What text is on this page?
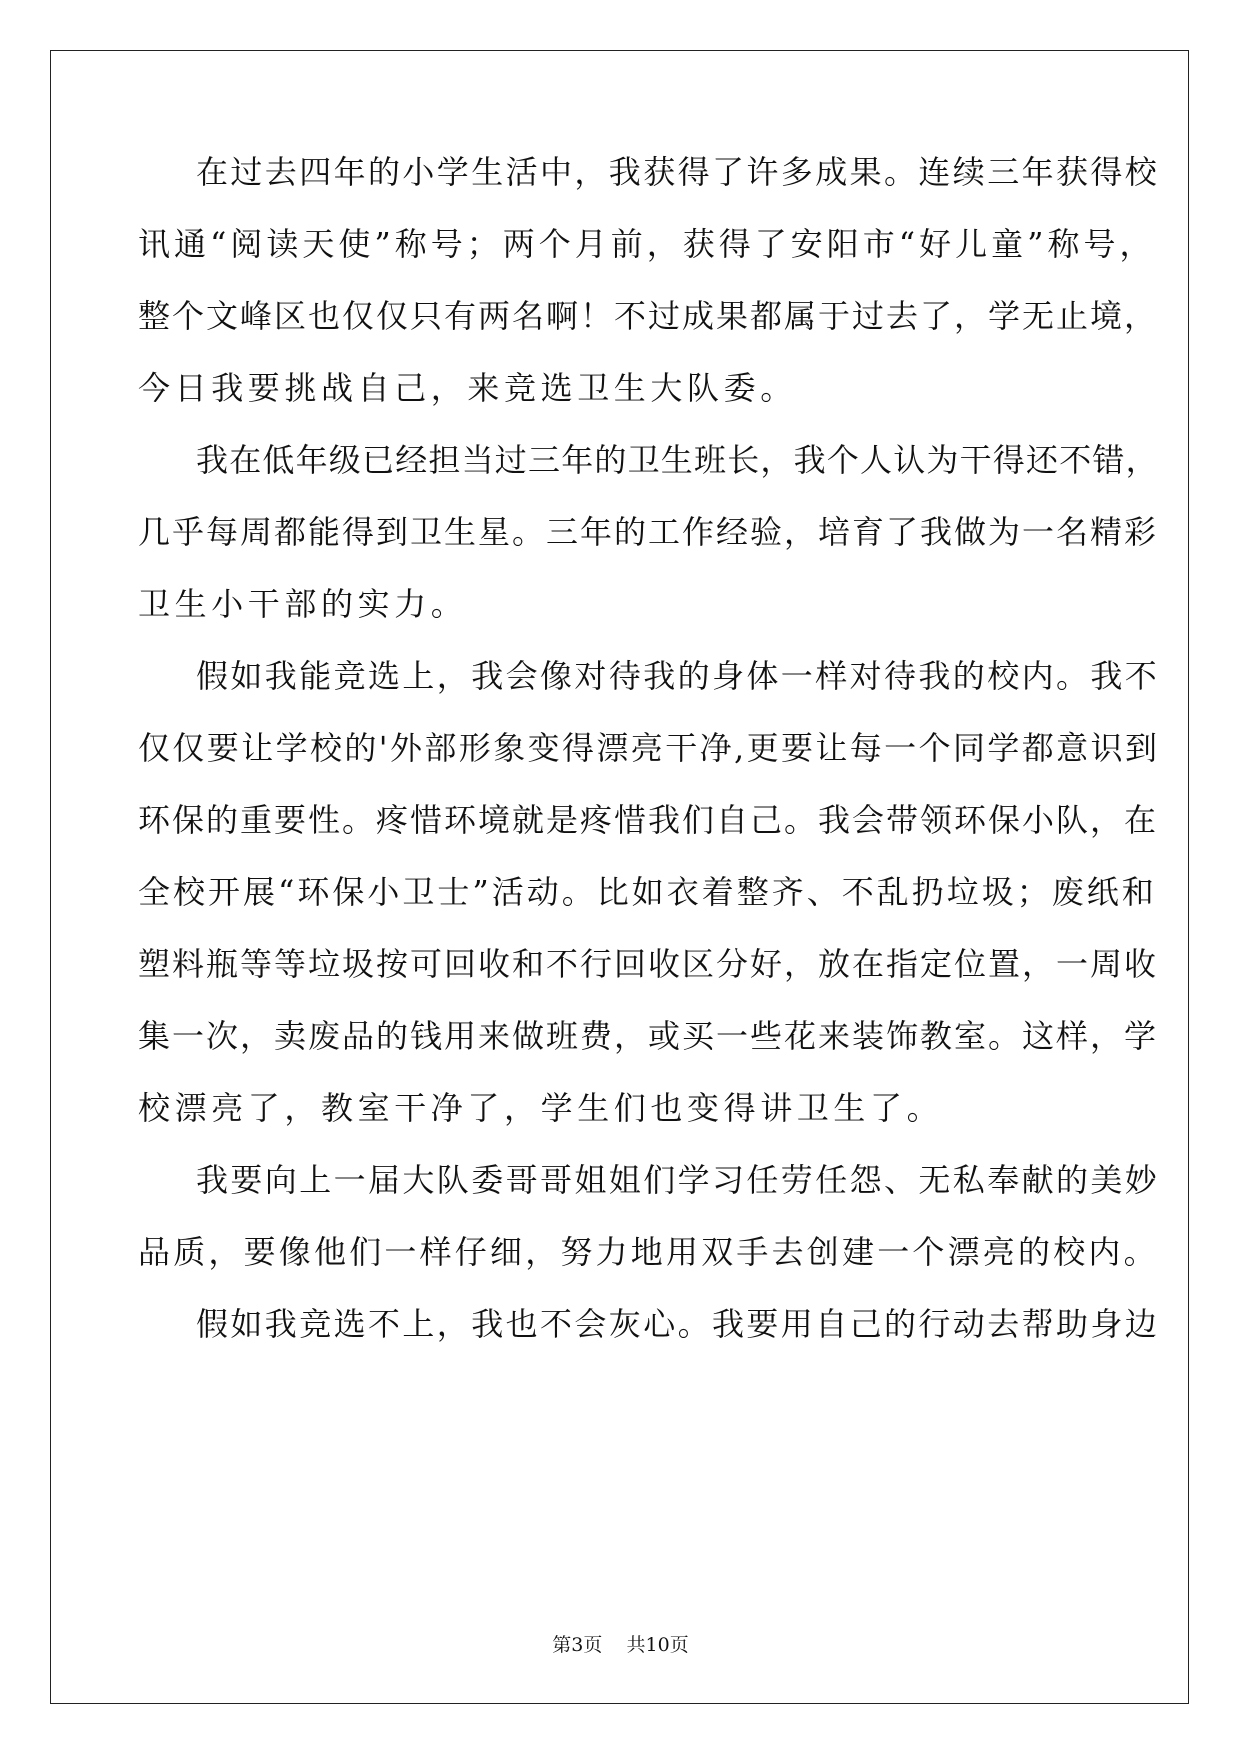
在过去四年的小学生活中，我获得了许多成果。连续三年获得校
讯通“阅读天使”称号；两个月前，获得了安阳市“好儿童”称号，
整个文峰区也仅仅只有两名啊！不过成果都属于过去了，学无止境，
今日我要挑战自己，来竞选卫生大队委。
我在低年级已经担当过三年的卫生班长，我个人认为干得还不错，
几乎每周都能得到卫生星。三年的工作经验，培育了我做为一名精彩
卫生小干部的实力。
假如我能竞选上，我会像对待我的身体一样对待我的校内。我不
仅仅要让学校的'外部形象变得漂亮干净,更要让每一个同学都意识到
环保的重要性。疼惜环境就是疼惜我们自己。我会带领环保小队，在
全校开展“环保小卫士”活动。比如衣着整齐、不乱扔垃圾；废纸和
塑料瓶等等垃圾按可回收和不行回收区分好，放在指定位置，一周收
集一次，卖废品的钱用来做班费，或买一些花来装饰教室。这样，学
校漂亮了，教室干净了，学生们也变得讲卫生了。
我要向上一届大队委哥哥姐姐们学习任劳任怨、无私奉献的美妙
品质，要像他们一样仔细，努力地用双手去创建一个漂亮的校内。
假如我竞选不上，我也不会灰心。我要用自己的行动去帮助身边
第3页    共10页
